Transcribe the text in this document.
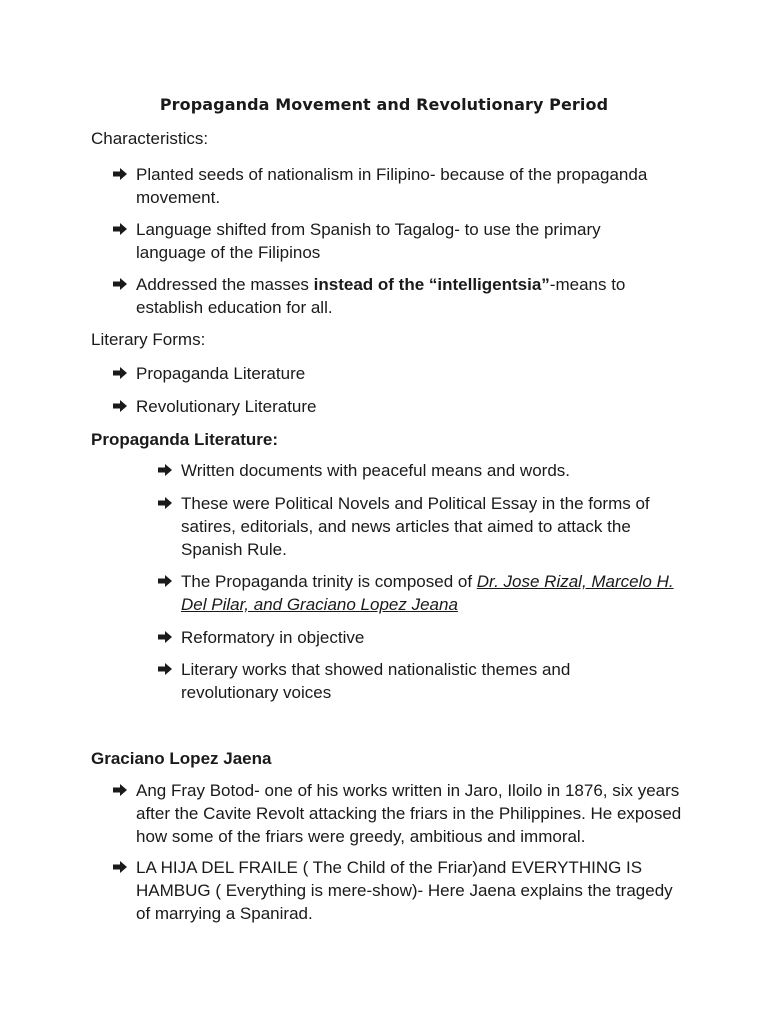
Propaganda Movement and Revolutionary Period

Characteristics:

Planted seeds of nationalism in Filipino- because of the propaganda movement.
Language shifted from Spanish to Tagalog- to use the primary language of the Filipinos
Addressed the masses instead of the “intelligentsia”-means to establish education for all.

Literary Forms:

Propaganda Literature
Revolutionary Literature

Propaganda Literature:

Written documents with peaceful means and words.
These were Political Novels and Political Essay in the forms of satires, editorials, and news articles that aimed to attack the Spanish Rule.
The Propaganda trinity is composed of Dr. Jose Rizal, Marcelo H. Del Pilar, and Graciano Lopez Jeana
Reformatory in objective
Literary works that showed nationalistic themes and revolutionary voices

Graciano Lopez Jaena

Ang Fray Botod- one of his works written in Jaro, Iloilo in 1876, six years after the Cavite Revolt attacking the friars in the Philippines. He exposed how some of the friars were greedy, ambitious and immoral.
LA HIJA DEL FRAILE ( The Child of the Friar)and EVERYTHING IS HAMBUG ( Everything is mere-show)- Here Jaena explains the tragedy of marrying a Spanirad.
